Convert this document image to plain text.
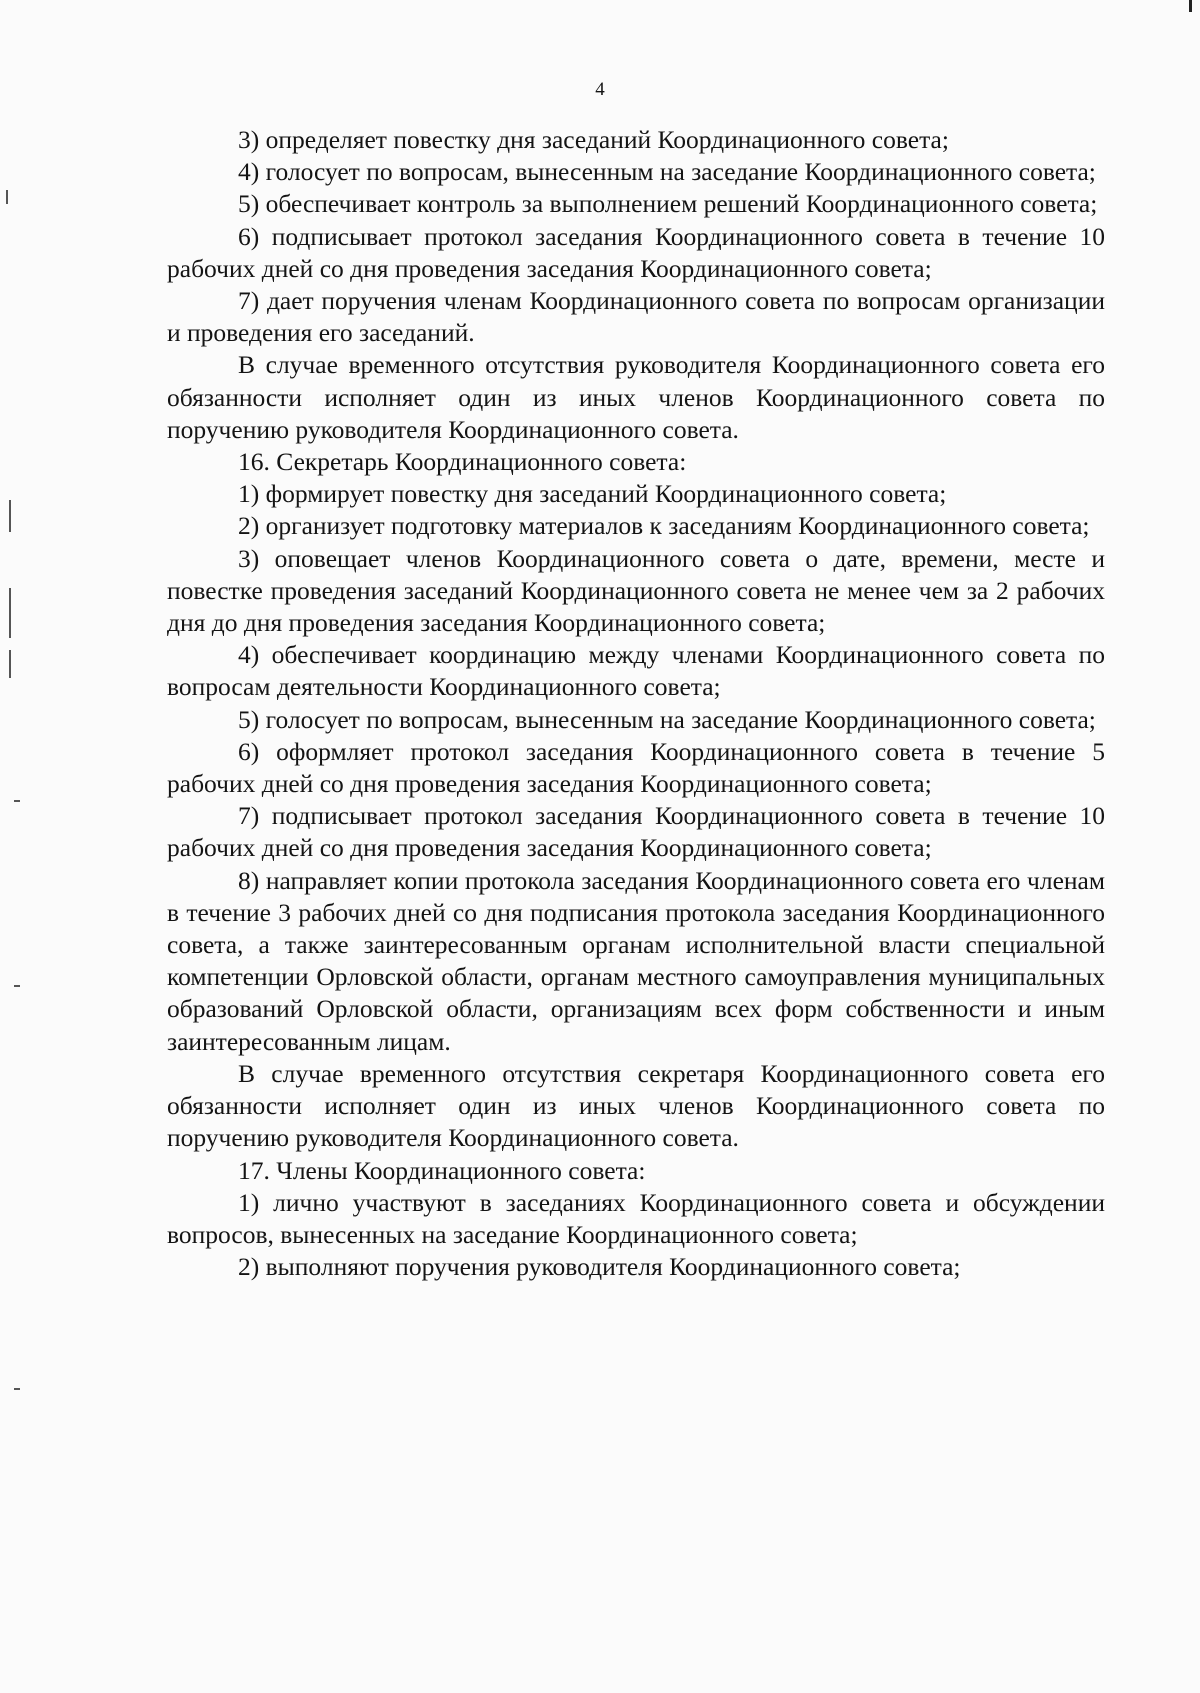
4

3) определяет повестку дня заседаний Координационного совета;

4) голосует по вопросам, вынесенным на заседание Координационного совета;

5) обеспечивает контроль за выполнением решений Координационного совета;

6) подписывает протокол заседания Координационного совета в течение 10 рабочих дней со дня проведения заседания Координационного совета;

7) дает поручения членам Координационного совета по вопросам организации и проведения его заседаний.

В случае временного отсутствия руководителя Координационного совета его обязанности исполняет один из иных членов Координационного совета по поручению руководителя Координационного совета.

16. Секретарь Координационного совета:

1) формирует повестку дня заседаний Координационного совета;

2) организует подготовку материалов к заседаниям Координационного совета;

3) оповещает членов Координационного совета о дате, времени, месте и повестке проведения заседаний Координационного совета не менее чем за 2 рабочих дня до дня проведения заседания Координационного совета;

4) обеспечивает координацию между членами Координационного совета по вопросам деятельности Координационного совета;

5) голосует по вопросам, вынесенным на заседание Координационного совета;

6) оформляет протокол заседания Координационного совета в течение 5 рабочих дней со дня проведения заседания Координационного совета;

7) подписывает протокол заседания Координационного совета в течение 10 рабочих дней со дня проведения заседания Координационного совета;

8) направляет копии протокола заседания Координационного совета его членам в течение 3 рабочих дней со дня подписания протокола заседания Координационного совета, а также заинтересованным органам исполнительной власти специальной компетенции Орловской области, органам местного самоуправления муниципальных образований Орловской области, организациям всех форм собственности и иным заинтересованным лицам.

В случае временного отсутствия секретаря Координационного совета его обязанности исполняет один из иных членов Координационного совета по поручению руководителя Координационного совета.

17. Члены Координационного совета:

1) лично участвуют в заседаниях Координационного совета и обсуждении вопросов, вынесенных на заседание Координационного совета;

2) выполняют поручения руководителя Координационного совета;
